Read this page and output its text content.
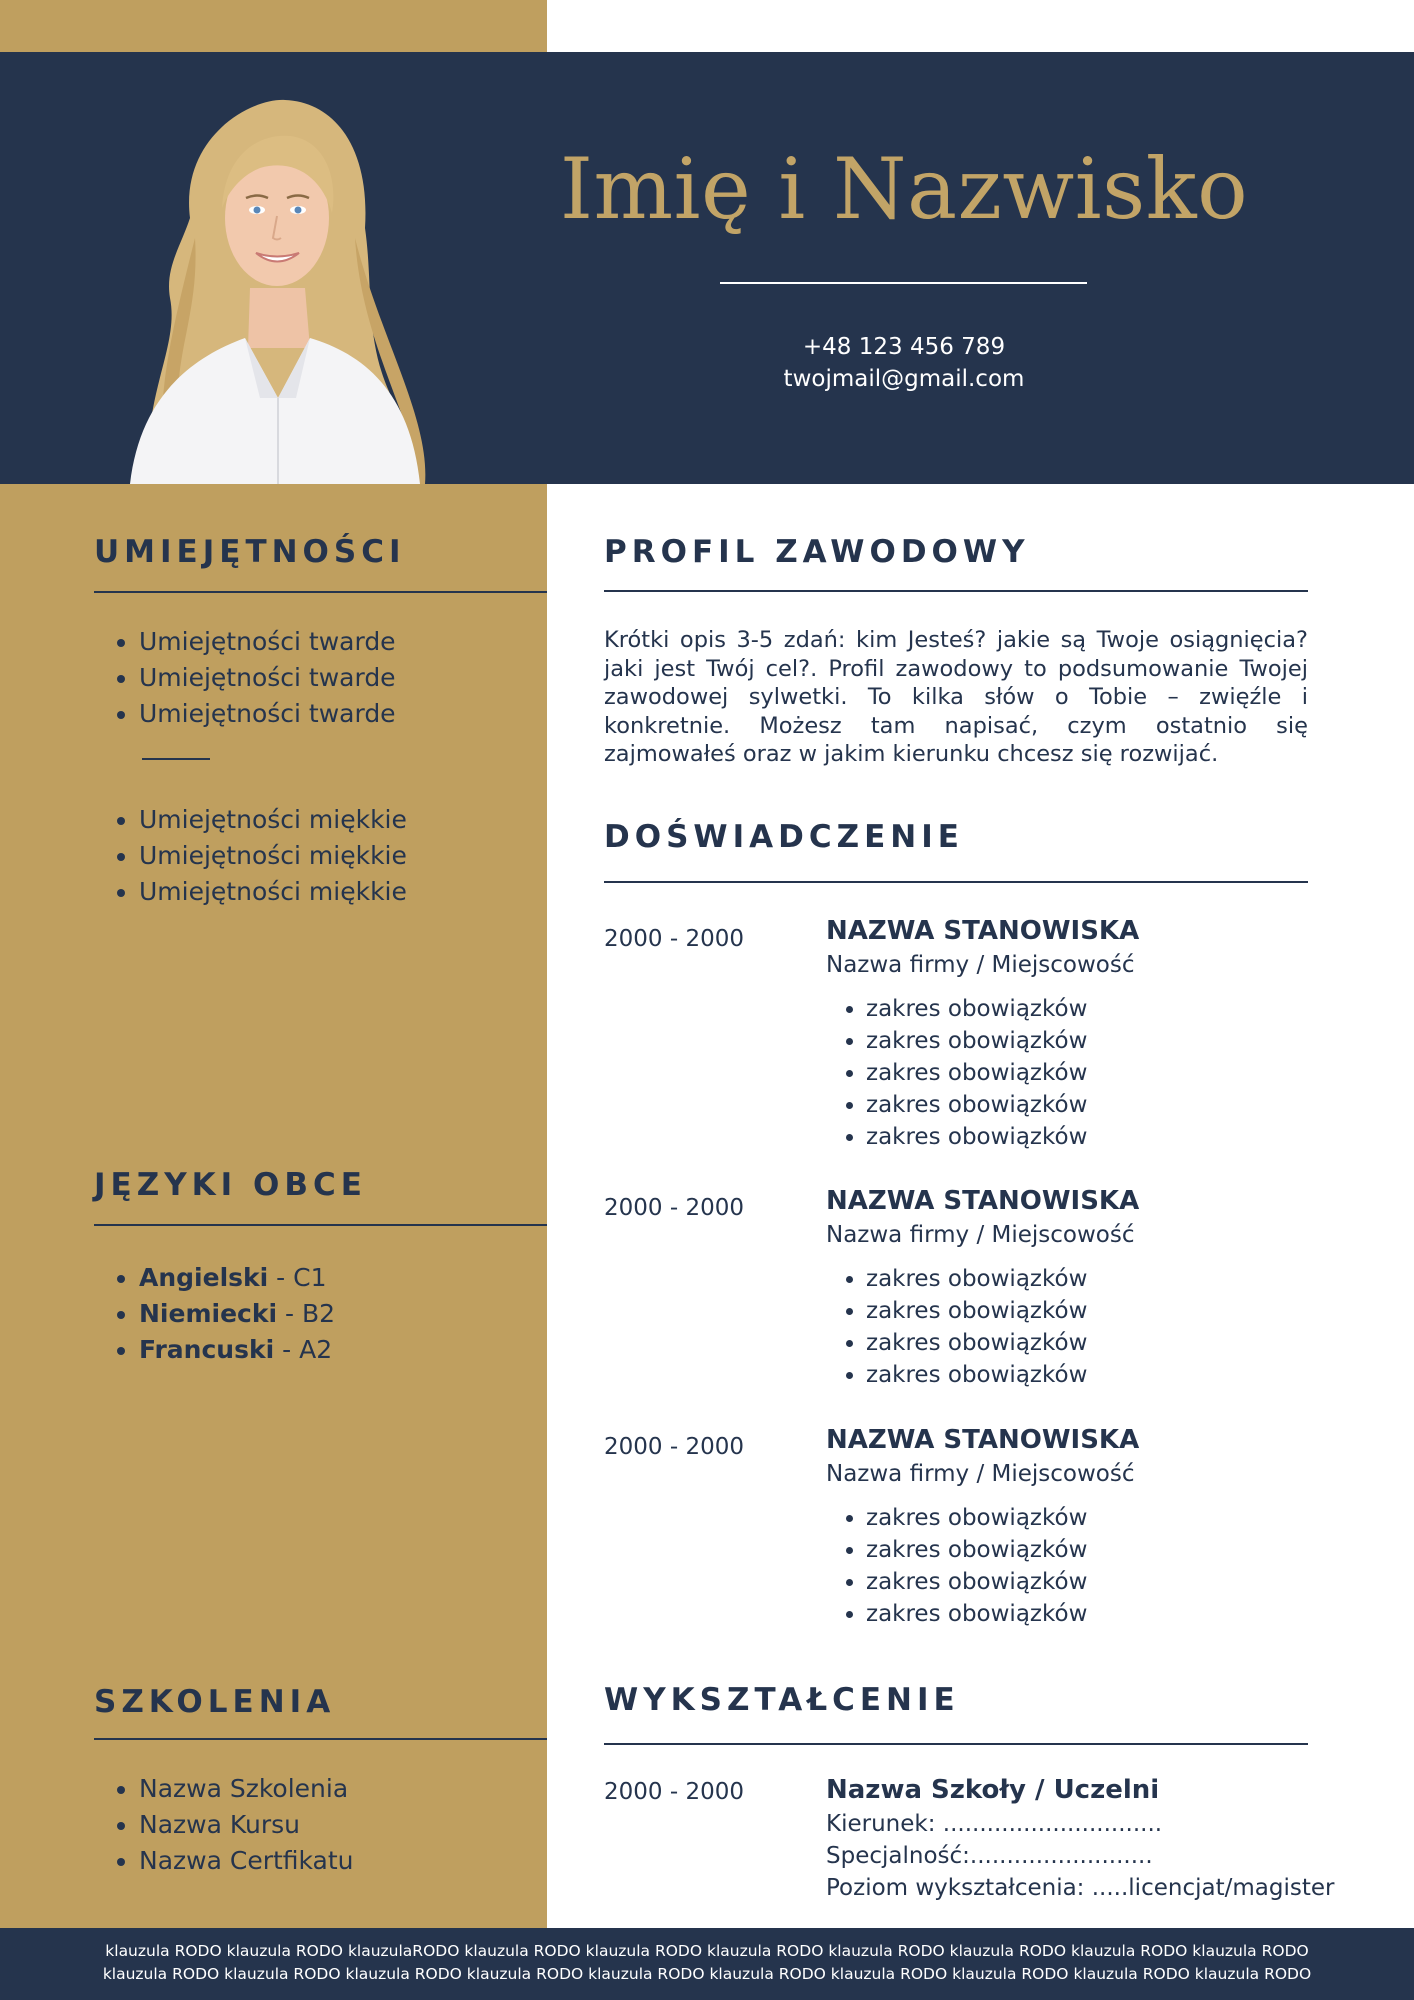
Imię i Nazwisko
+48 123 456 789
twojmail@gmail.com
UMIEJĘTNOŚCI
• Umiejętności twarde
• Umiejętności twarde
• Umiejętności twarde
• Umiejętności miękkie
• Umiejętności miękkie
• Umiejętności miękkie
JĘZYKI OBCE
• Angielski - C1
• Niemiecki - B2
• Francuski - A2
SZKOLENIA
• Nazwa Szkolenia
• Nazwa Kursu
• Nazwa Certfikatu
PROFIL ZAWODOWY
Krótki opis 3-5 zdań: kim Jesteś? jakie są Twoje osiągnięcia? jaki jest Twój cel?. Profil zawodowy to podsumowanie Twojej zawodowej sylwetki. To kilka słów o Tobie – zwięźle i konkretnie. Możesz tam napisać, czym ostatnio się zajmowałeś oraz w jakim kierunku chcesz się rozwijać.
DOŚWIADCZENIE
2000 - 2000	NAZWA STANOWISKA
Nazwa firmy / Miejscowość
• zakres obowiązków
• zakres obowiązków
• zakres obowiązków
• zakres obowiązków
• zakres obowiązków
2000 - 2000	NAZWA STANOWISKA
Nazwa firmy / Miejscowość
• zakres obowiązków
• zakres obowiązków
• zakres obowiązków
• zakres obowiązków
2000 - 2000	NAZWA STANOWISKA
Nazwa firmy / Miejscowość
• zakres obowiązków
• zakres obowiązków
• zakres obowiązków
• zakres obowiązków
WYKSZTAŁCENIE
2000 - 2000	Nazwa Szkoły / Uczelni
Kierunek: ..............................
Specjalność:.........................
Poziom wykształcenia: .....licencjat/magister
klauzula RODO klauzula RODO klauzulaRODO klauzula RODO klauzula RODO klauzula RODO klauzula RODO klauzula RODO klauzula RODO klauzula RODO
klauzula RODO klauzula RODO klauzula RODO klauzula RODO klauzula RODO klauzula RODO klauzula RODO klauzula RODO klauzula RODO klauzula RODO
